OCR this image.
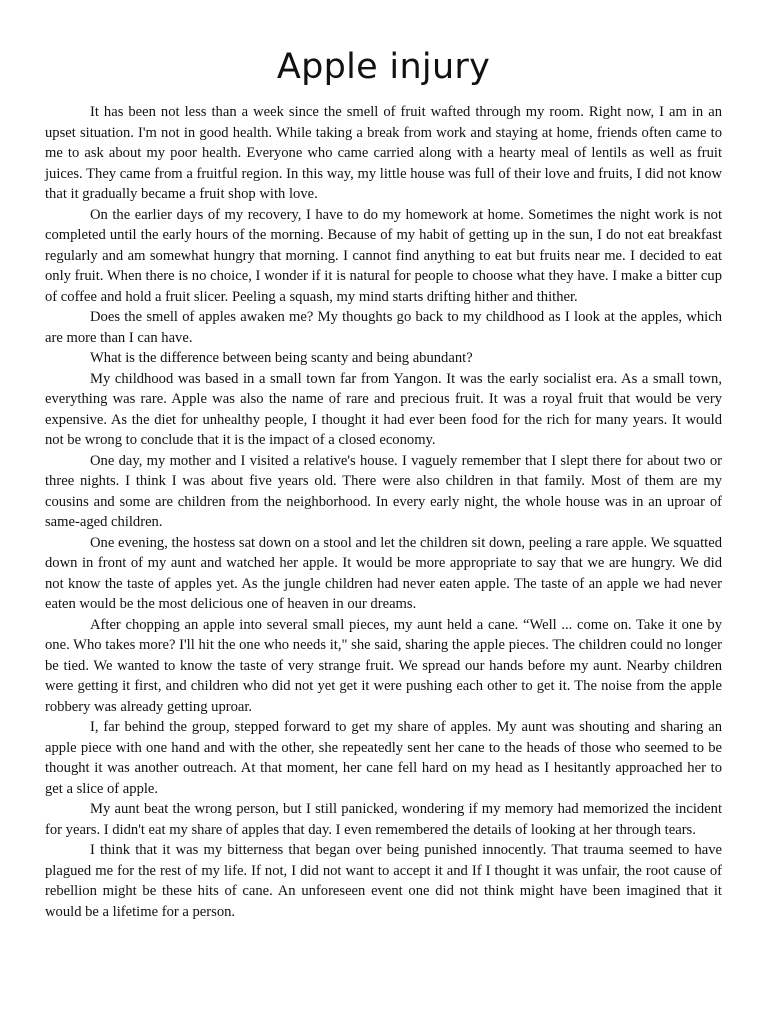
Apple injury

It has been not less than a week since the smell of fruit wafted through my room. Right now, I am in an upset situation. I'm not in good health. While taking a break from work and staying at home, friends often came to me to ask about my poor health. Everyone who came carried along with a hearty meal of lentils as well as fruit juices. They came from a fruitful region. In this way, my little house was full of their love and fruits, I did not know that it gradually became a fruit shop with love.

On the earlier days of my recovery, I have to do my homework at home. Sometimes the night work is not completed until the early hours of the morning. Because of my habit of getting up in the sun, I do not eat breakfast regularly and am somewhat hungry that morning. I cannot find anything to eat but fruits near me. I decided to eat only fruit. When there is no choice, I wonder if it is natural for people to choose what they have. I make a bitter cup of coffee and hold a fruit slicer. Peeling a squash, my mind starts drifting hither and thither.

Does the smell of apples awaken me? My thoughts go back to my childhood as I look at the apples, which are more than I can have.

What is the difference between being scanty and being abundant?

My childhood was based in a small town far from Yangon. It was the early socialist era. As a small town, everything was rare. Apple was also the name of rare and precious fruit. It was a royal fruit that would be very expensive. As the diet for unhealthy people, I thought it had ever been food for the rich for many years. It would not be wrong to conclude that it is the impact of a closed economy.

One day, my mother and I visited a relative's house. I vaguely remember that I slept there for about two or three nights. I think I was about five years old. There were also children in that family. Most of them are my cousins and some are children from the neighborhood. In every early night, the whole house was in an uproar of same-aged children.

One evening, the hostess sat down on a stool and let the children sit down, peeling a rare apple. We squatted down in front of my aunt and watched her apple. It would be more appropriate to say that we are hungry. We did not know the taste of apples yet. As the jungle children had never eaten apple. The taste of an apple we had never eaten would be the most delicious one of heaven in our dreams.

After chopping an apple into several small pieces, my aunt held a cane. “Well ... come on. Take it one by one. Who takes more? I'll hit the one who needs it," she said, sharing the apple pieces. The children could no longer be tied. We wanted to know the taste of very strange fruit. We spread our hands before my aunt. Nearby children were getting it first, and children who did not yet get it were pushing each other to get it. The noise from the apple robbery was already getting uproar.

I, far behind the group, stepped forward to get my share of apples. My aunt was shouting and sharing an apple piece with one hand and with the other, she repeatedly sent her cane to the heads of those who seemed to be thought it was another outreach. At that moment, her cane fell hard on my head as I hesitantly approached her to get a slice of apple.

My aunt beat the wrong person, but I still panicked, wondering if my memory had memorized the incident for years. I didn't eat my share of apples that day. I even remembered the details of looking at her through tears.

I think that it was my bitterness that began over being punished innocently. That trauma seemed to have plagued me for the rest of my life. If not, I did not want to accept it and If I thought it was unfair, the root cause of rebellion might be these hits of cane. An unforeseen event one did not think might have been imagined that it would be a lifetime for a person.
